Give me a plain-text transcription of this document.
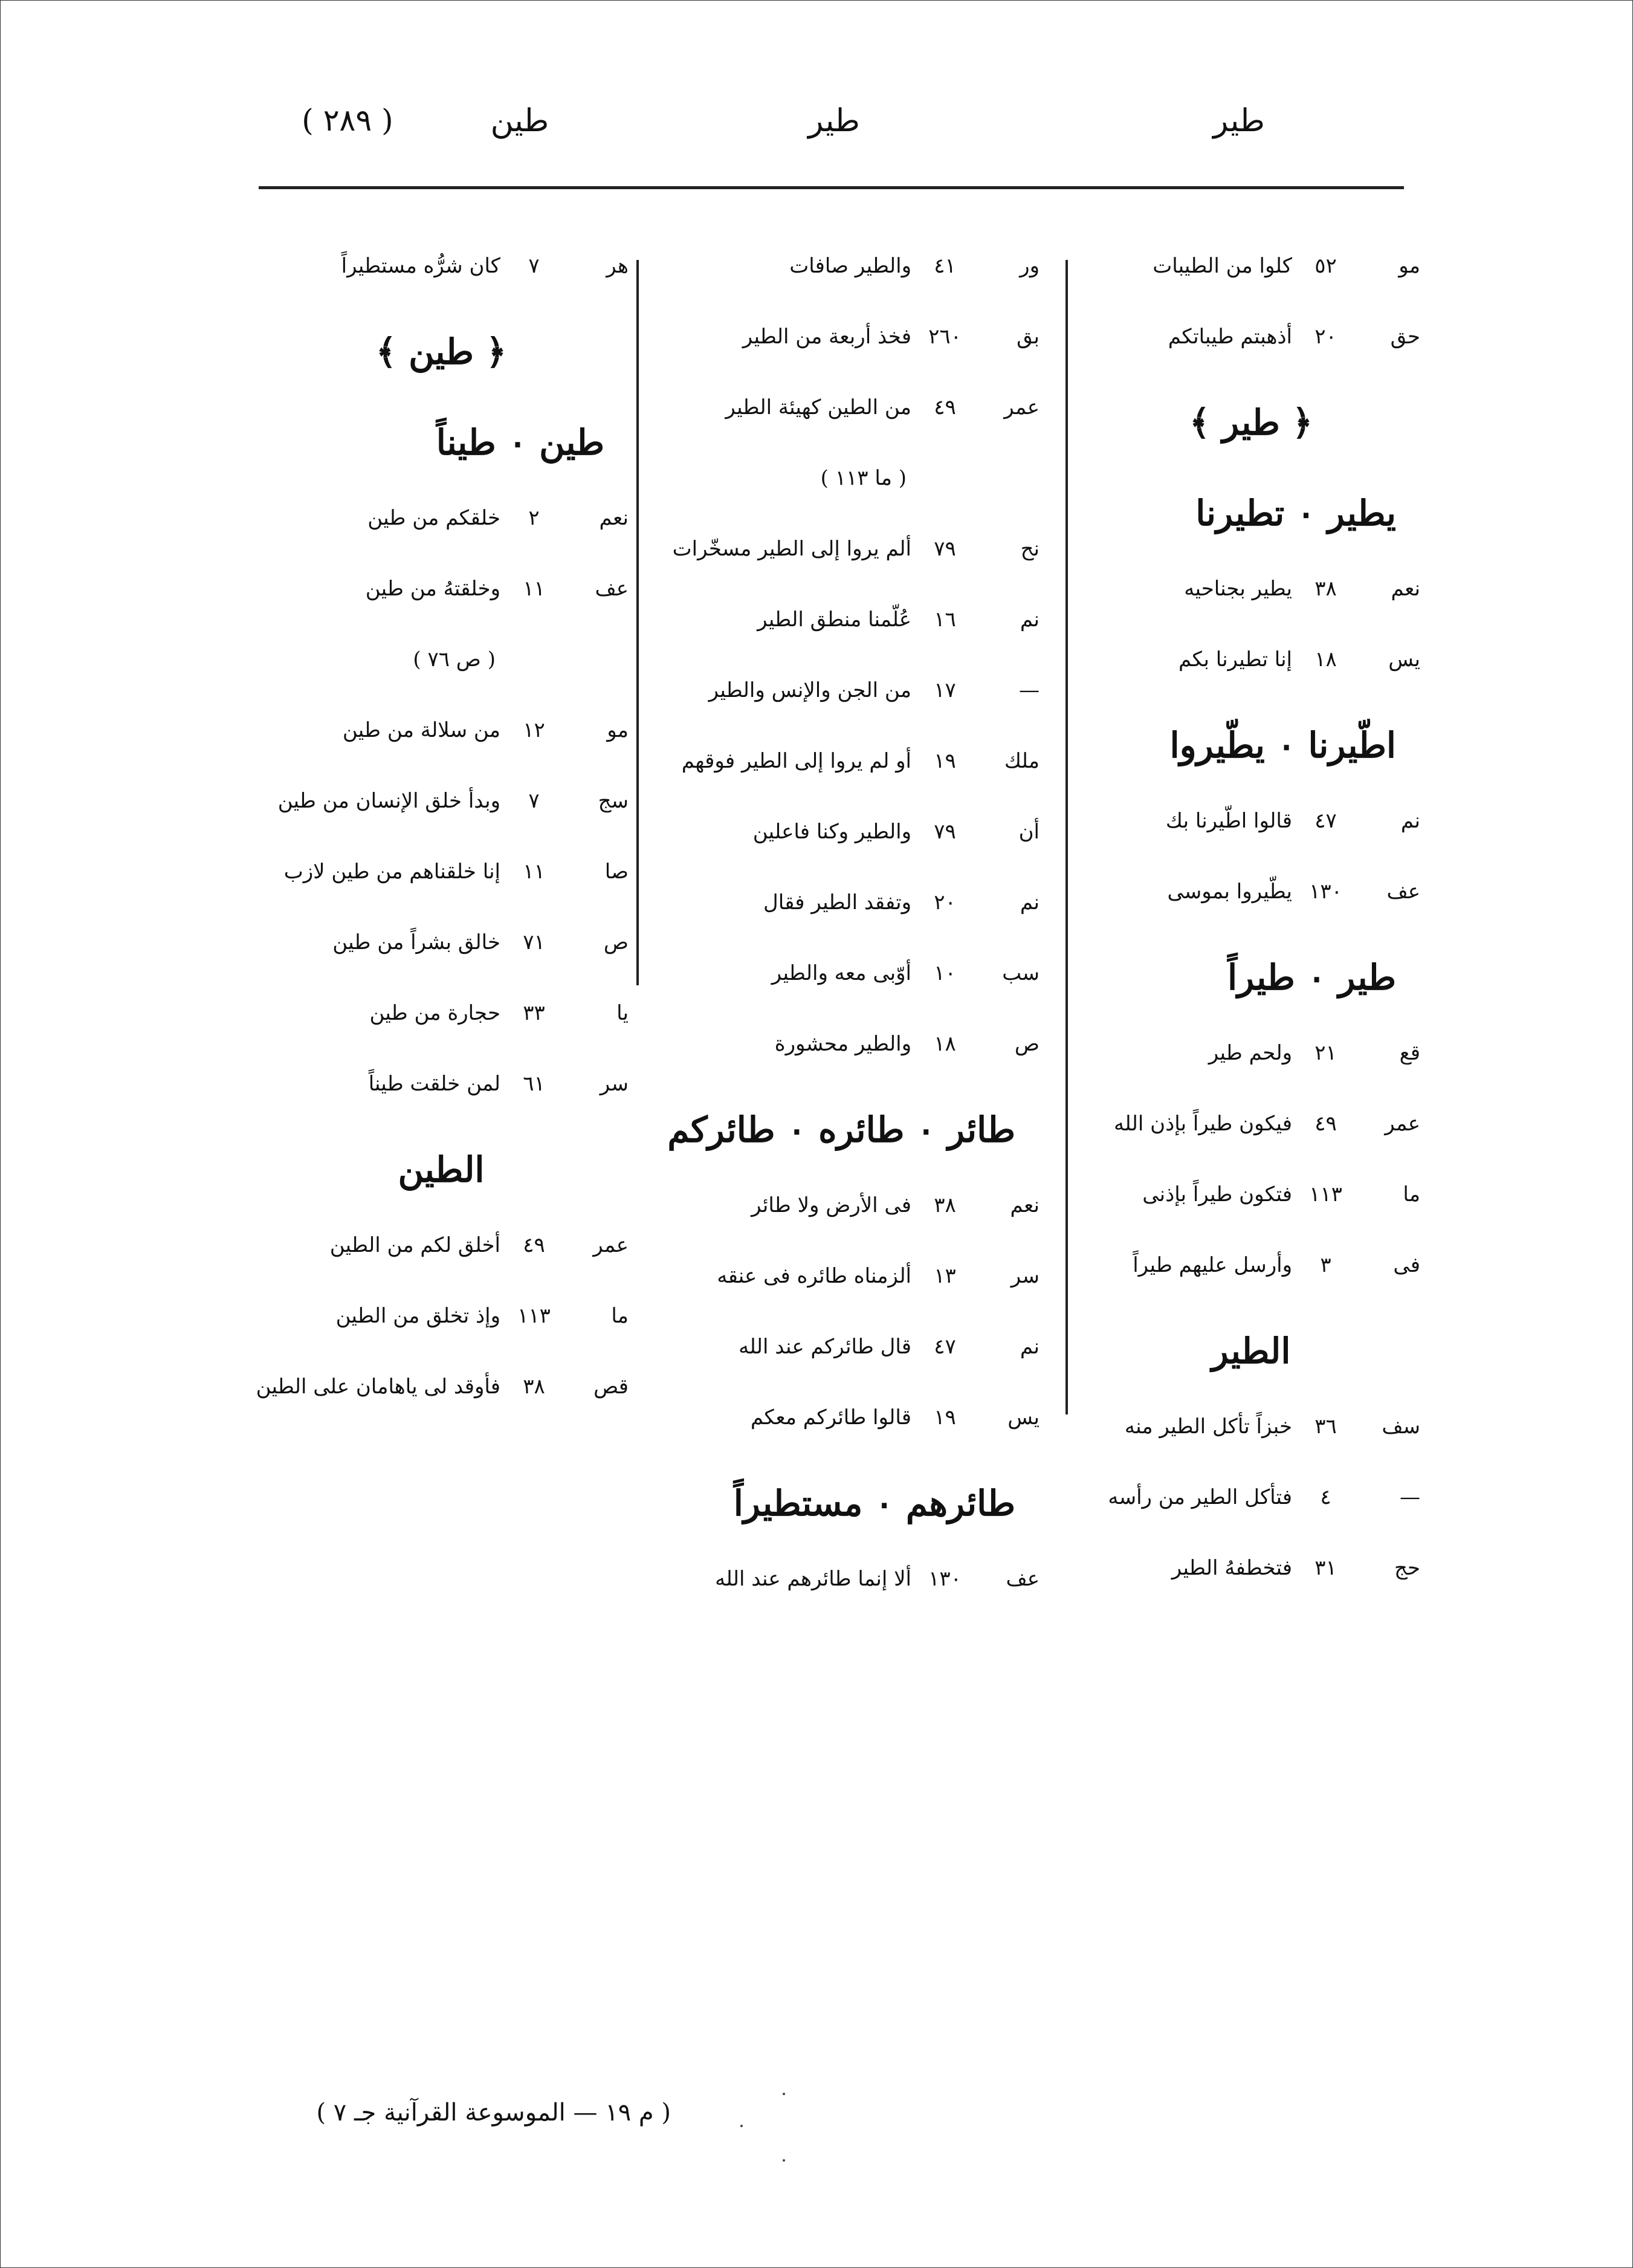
طير
طير
طين
( ٢٨٩ )
مو٥٢كلوا من الطيبات
حق٢٠أذهبتم طيباتكم
﴿ طير ﴾
يطير ۰ تطيرنا
نعم٣٨يطير بجناحيه
يس١٨إنا تطيرنا بكم
اطّيرنا ۰ يطّيروا
نم٤٧قالوا اطّيرنا بك
عف١٣٠يطّيروا بموسى
طير ۰ طيراً
قع٢١ولحم طير
عمر٤٩فيكون طيراً بإذن الله
ما١١٣فتكون طيراً بإذنى
فى٣وأرسل عليهم طيراً
الطير
سف٣٦خبزاً تأكل الطير منه
—٤فتأكل الطير من رأسه
حج٣١فتخطفهُ الطير
ور٤١والطير صافات
بق٢٦٠فخذ أربعة من الطير
عمر٤٩من الطين كهيئة الطير
( ما ١١٣ )
نح٧٩ألم يروا إلى الطير مسخّرات
نم١٦عُلّمنا منطق الطير
—١٧من الجن والإنس والطير
ملك١٩أو لم يروا إلى الطير فوقهم
أن٧٩والطير وكنا فاعلين
نم٢٠وتفقد الطير فقال
سب١٠أوّبى معه والطير
ص١٨والطير محشورة
طائر ۰ طائره ۰ طائركم
نعم٣٨فى الأرض ولا طائر
سر١٣ألزمناه طائره فى عنقه
نم٤٧قال طائركم عند الله
يس١٩قالوا طائركم معكم
طائرهم ۰ مستطيراً
عف١٣٠ألا إنما طائرهم عند الله
هر٧كان شرُّه مستطيراً
﴿ طين ﴾
طين ۰ طيناً
نعم٢خلقكم من طين
عف١١وخلقتهُ من طين
( ص ٧٦ )
مو١٢من سلالة من طين
سج٧وبدأ خلق الإنسان من طين
صا١١إنا خلقناهم من طين لازب
ص٧١خالق بشراً من طين
يا٣٣حجارة من طين
سر٦١لمن خلقت طيناً
الطين
عمر٤٩أخلق لكم من الطين
ما١١٣وإذ تخلق من الطين
قص٣٨فأوقد لى ياهامان على الطين
( م ١٩ — الموسوعة القرآنية جـ ٧ )
